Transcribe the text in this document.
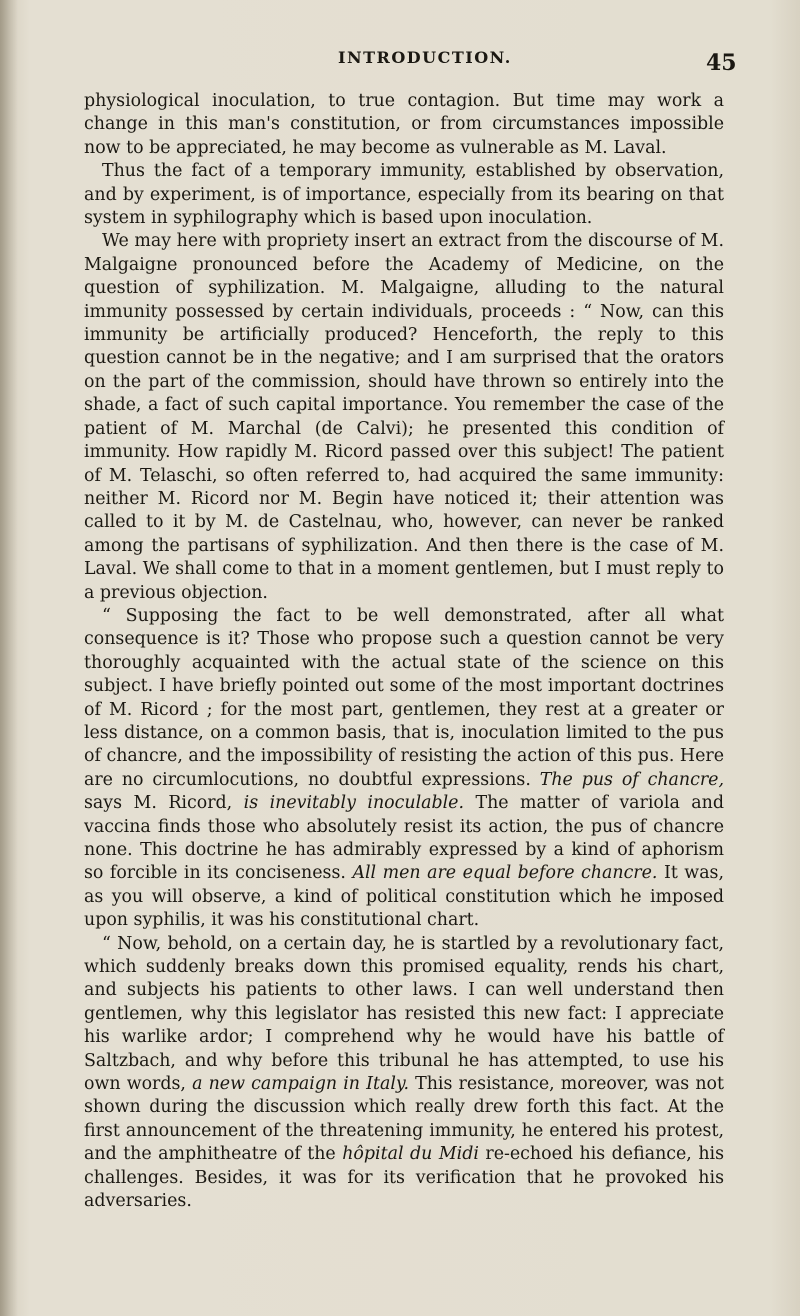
INTRODUCTION.	45

physiological inoculation, to true contagion. But time may work a change in this man's constitution, or from circumstances impossible now to be appreciated, he may become as vulnerable as M. Laval.

Thus the fact of a temporary immunity, established by observation, and by experiment, is of importance, especially from its bearing on that system in syphilography which is based upon inoculation.

We may here with propriety insert an extract from the discourse of M. Malgaigne pronounced before the Academy of Medicine, on the question of syphilization. M. Malgaigne, alluding to the natural immunity possessed by certain individuals, proceeds : “ Now, can this immunity be artificially produced? Henceforth, the reply to this question cannot be in the negative; and I am surprised that the orators on the part of the commission, should have thrown so entirely into the shade, a fact of such capital importance. You remember the case of the patient of M. Marchal (de Calvi); he presented this condition of immunity. How rapidly M. Ricord passed over this subject! The patient of M. Telaschi, so often referred to, had acquired the same immunity: neither M. Ricord nor M. Begin have noticed it; their attention was called to it by M. de Castelnau, who, however, can never be ranked among the partisans of syphilization. And then there is the case of M. Laval. We shall come to that in a moment gentlemen, but I must reply to a previous objection.

“ Supposing the fact to be well demonstrated, after all what consequence is it? Those who propose such a question cannot be very thoroughly acquainted with the actual state of the science on this subject. I have briefly pointed out some of the most important doctrines of M. Ricord ; for the most part, gentlemen, they rest at a greater or less distance, on a common basis, that is, inoculation limited to the pus of chancre, and the impossibility of resisting the action of this pus. Here are no circumlocutions, no doubtful expressions. The pus of chancre, says M. Ricord, is inevitably inoculable. The matter of variola and vaccina finds those who absolutely resist its action, the pus of chancre none. This doctrine he has admirably expressed by a kind of aphorism so forcible in its conciseness. All men are equal before chancre. It was, as you will observe, a kind of political constitution which he imposed upon syphilis, it was his constitutional chart.

“ Now, behold, on a certain day, he is startled by a revolutionary fact, which suddenly breaks down this promised equality, rends his chart, and subjects his patients to other laws. I can well understand then gentlemen, why this legislator has resisted this new fact: I appreciate his warlike ardor; I comprehend why he would have his battle of Saltzbach, and why before this tribunal he has attempted, to use his own words, a new campaign in Italy. This resistance, moreover, was not shown during the discussion which really drew forth this fact. At the first announcement of the threatening immunity, he entered his protest, and the amphitheatre of the hôpital du Midi re-echoed his defiance, his challenges. Besides, it was for its verification that he provoked his adversaries.
